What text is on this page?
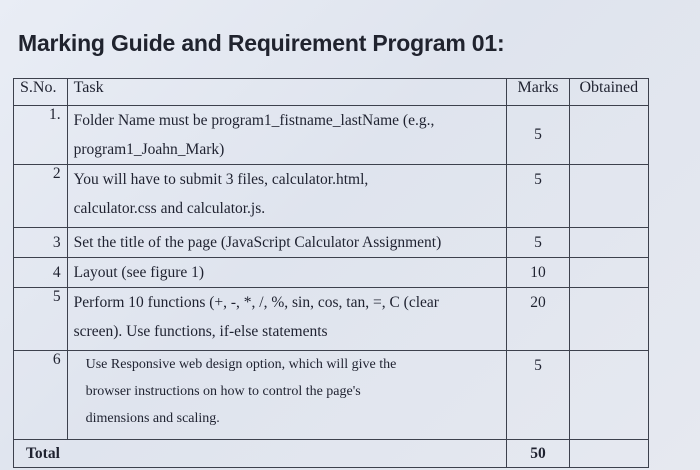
Marking Guide and Requirement Program 01:
S.No.	Task	Marks	Obtained
1.	Folder Name must be program1_fistname_lastName (e.g.,
program1_Joahn_Mark)	5	
2	You will have to submit 3 files, calculator.html,
calculator.css and calculator.js.	5	
3	Set the title of the page (JavaScript Calculator Assignment)	5	
4	Layout (see figure 1)	10	
5	Perform 10 functions (+, -, *, /, %, sin, cos, tan, =, C (clear
screen). Use functions, if-else statements	20	
6	Use Responsive web design option, which will give the
browser instructions on how to control the page's
dimensions and scaling.	5	
Total		50	
